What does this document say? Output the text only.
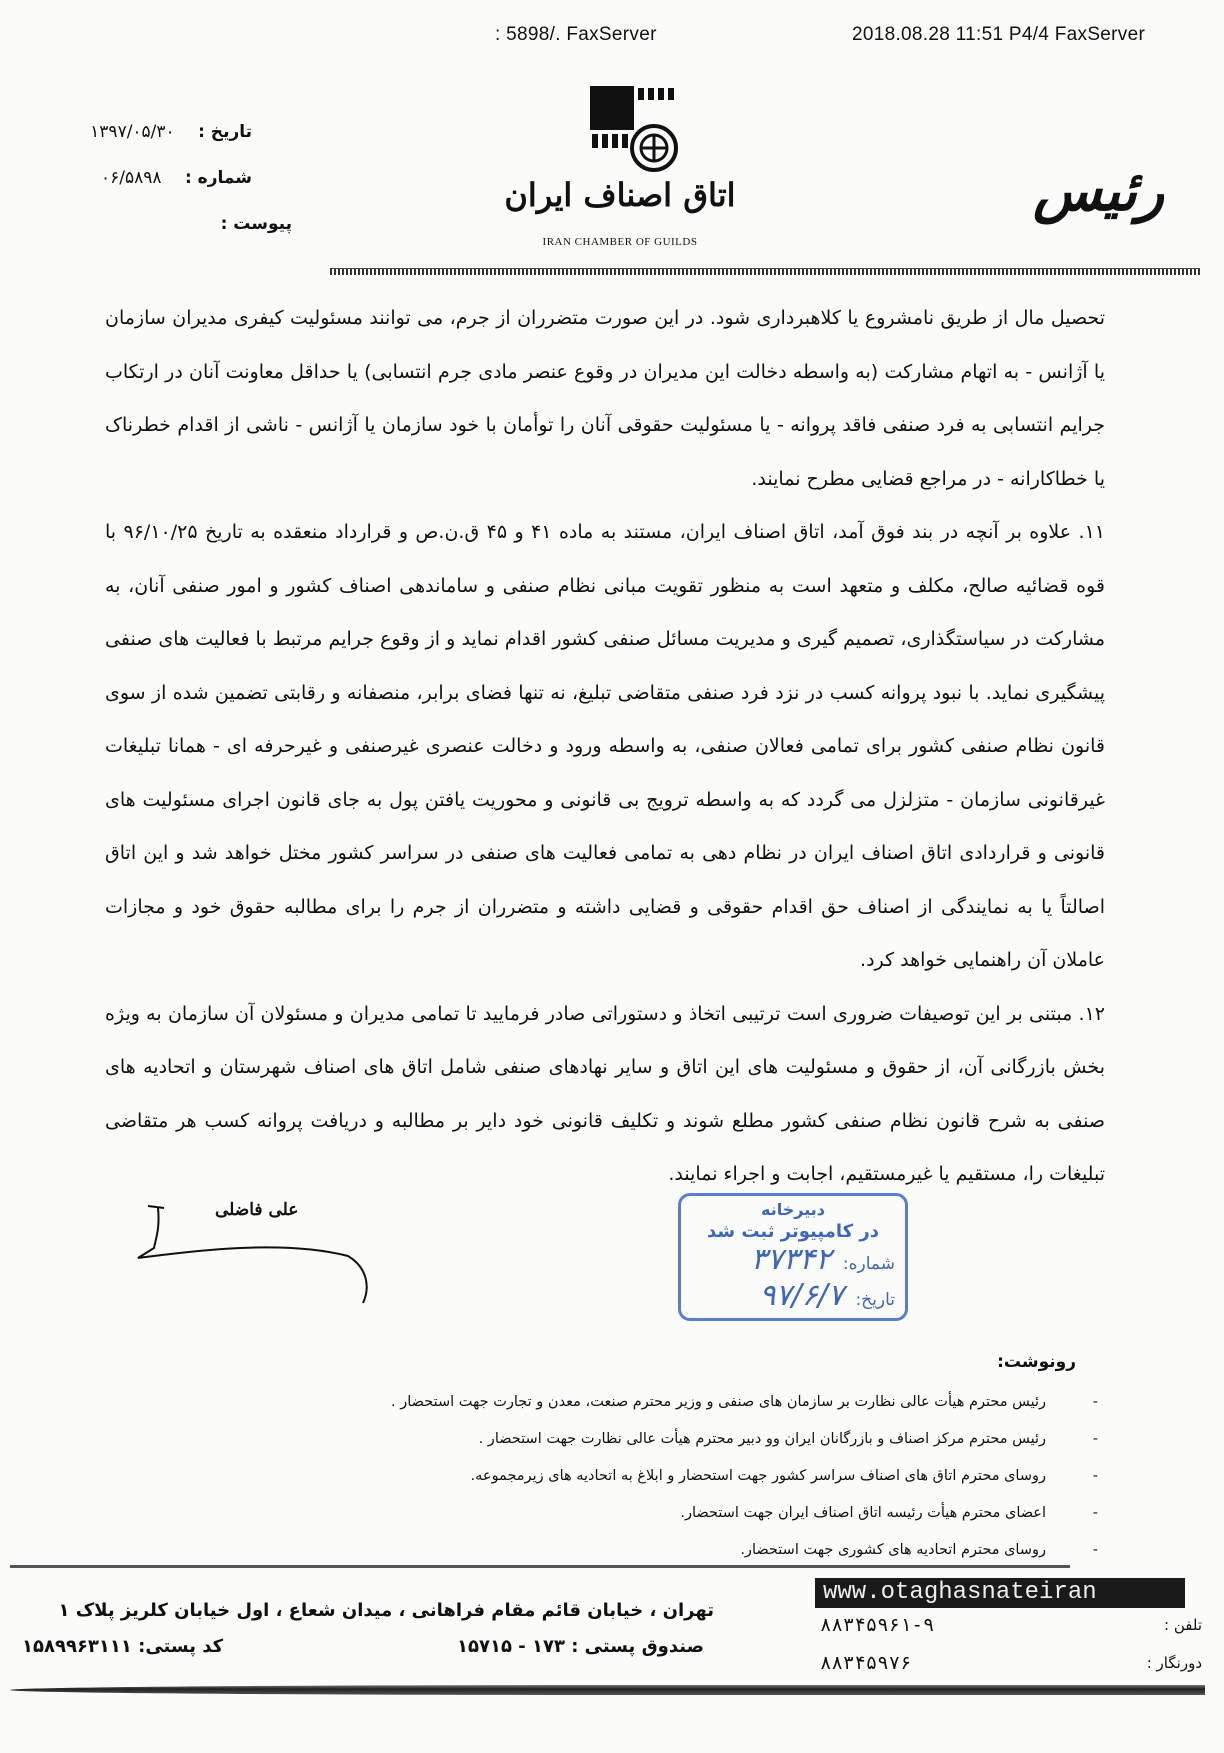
: 5898/. FaxServer	2018.08.28 11:51 P4/4 FaxServer
تاریخ : ۱۳۹۷/۰۵/۳۰
شماره : ۰۶/۵۸۹۸
پیوست :
اتاق اصناف ایران
IRAN CHAMBER OF GUILDS
رئیس

تحصیل مال از طریق نامشروع یا کلاهبرداری شود. در این صورت متضرران از جرم، می توانند مسئولیت کیفری مدیران سازمان یا آژانس - به اتهام مشارکت (به واسطه دخالت این مدیران در وقوع عنصر مادی جرم انتسابی) یا حداقل معاونت آنان در ارتکاب جرایم انتسابی به فرد صنفی فاقد پروانه - یا مسئولیت حقوقی آنان را توأمان با خود سازمان یا آژانس - ناشی از اقدام خطرناک یا خطاکارانه - در مراجع قضایی مطرح نمایند.

۱۱. علاوه بر آنچه در بند فوق آمد، اتاق اصناف ایران، مستند به ماده ۴۱ و ۴۵ ق.ن.ص و قرارداد منعقده به تاریخ ۹۶/۱۰/۲۵ با قوه قضائیه صالح، مکلف و متعهد است به منظور تقویت مبانی نظام صنفی و ساماندهی اصناف کشور و امور صنفی آنان، به مشارکت در سیاستگذاری، تصمیم گیری و مدیریت مسائل صنفی کشور اقدام نماید و از وقوع جرایم مرتبط با فعالیت های صنفی پیشگیری نماید. با نبود پروانه کسب در نزد فرد صنفی متقاضی تبلیغ، نه تنها فضای برابر، منصفانه و رقابتی تضمین شده از سوی قانون نظام صنفی کشور برای تمامی فعالان صنفی، به واسطه ورود و دخالت عنصری غیرصنفی و غیرحرفه ای - همانا تبلیغات غیرقانونی سازمان - متزلزل می گردد که به واسطه ترویج بی قانونی و محوریت یافتن پول به جای قانون اجرای مسئولیت های قانونی و قراردادی اتاق اصناف ایران در نظام دهی به تمامی فعالیت های صنفی در سراسر کشور مختل خواهد شد و این اتاق اصالتاً یا به نمایندگی از اصناف حق اقدام حقوقی و قضایی داشته و متضرران از جرم را برای مطالبه حقوق خود و مجازات عاملان آن راهنمایی خواهد کرد.

۱۲. مبتنی بر این توصیفات ضروری است ترتیبی اتخاذ و دستوراتی صادر فرمایید تا تمامی مدیران و مسئولان آن سازمان به ویژه بخش بازرگانی آن، از حقوق و مسئولیت های این اتاق و سایر نهادهای صنفی شامل اتاق های اصناف شهرستان و اتحادیه های صنفی به شرح قانون نظام صنفی کشور مطلع شوند و تکلیف قانونی خود دایر بر مطالبه و دریافت پروانه کسب هر متقاضی تبلیغات را، مستقیم یا غیرمستقیم، اجابت و اجراء نمایند.

علی فاضلی	دبیرخانه
در کامپیوتر ثبت شد
شماره: ۳۷۳۴۲
تاریخ: ۹۷/۶/۷
رونوشت:
-
رئیس محترم هیأت عالی نظارت بر سازمان های صنفی و وزیر محترم صنعت، معدن و تجارت جهت استحضار .
-
رئیس محترم مرکز اصناف و بازرگانان ایران وو دبیر محترم هیأت عالی نظارت جهت استحضار .
-
روسای محترم اتاق های اصناف سراسر کشور جهت استحضار و ابلاغ به اتحادیه های زیرمجموعه.
-
اعضای محترم هیأت رئیسه اتاق اصناف ایران جهت استحضار.
-
روسای محترم اتحادیه های کشوری جهت استحضار.
www.otaghasnateiran
تهران ، خیابان قائم مقام فراهانی ، میدان شعاع ، اول خیابان کلریز پلاک ۱
صندوق پستی : ۱۷۳ - ۱۵۷۱۵
کد پستی: ۱۵۸۹۹۶۳۱۱۱
۸۸۳۴۵۹۶۱-۹	تلفن :
۸۸۳۴۵۹۷۶	دورنگار :
